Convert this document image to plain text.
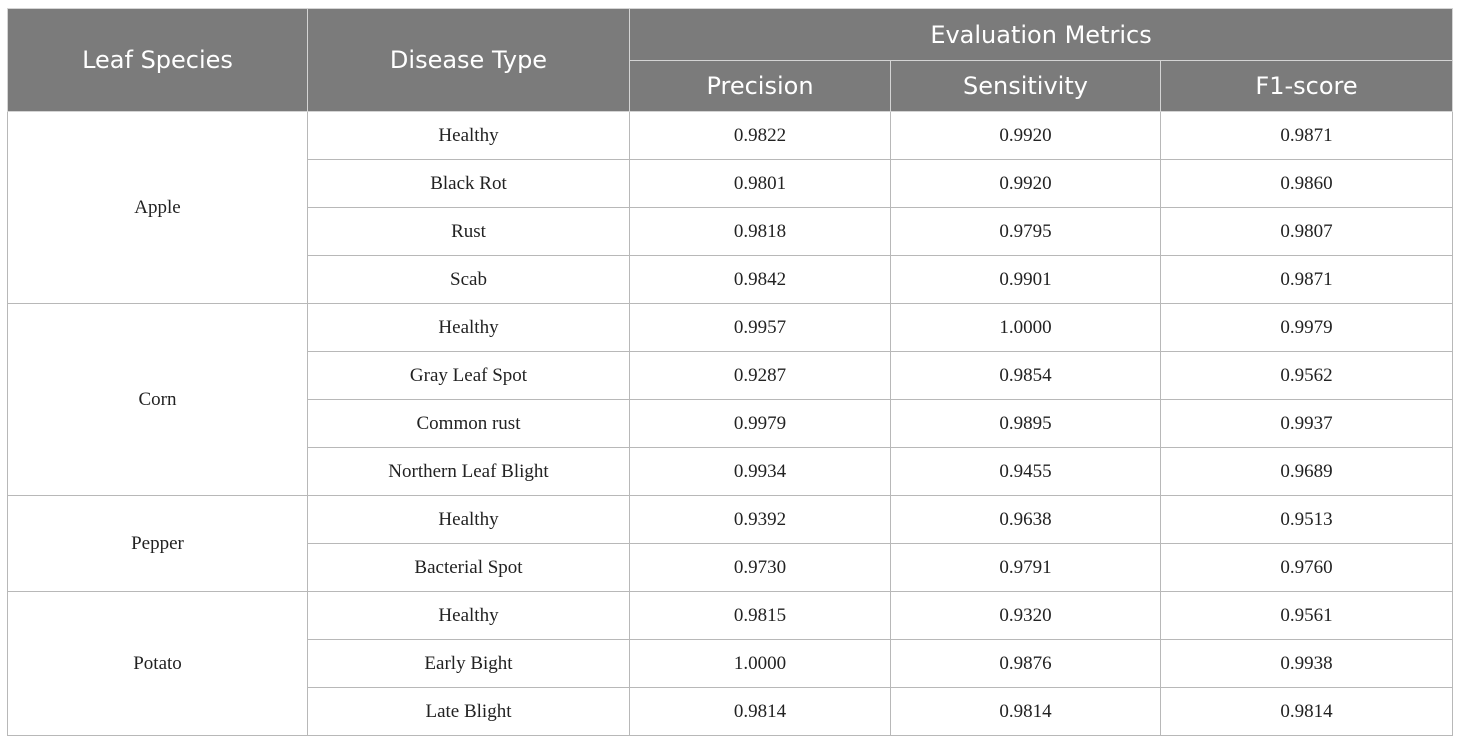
Leaf Species	Disease Type	Evaluation Metrics		
		Precision	Sensitivity	F1-score
Apple	Healthy	0.9822	0.9920	0.9871
	Black Rot	0.9801	0.9920	0.9860
	Rust	0.9818	0.9795	0.9807
	Scab	0.9842	0.9901	0.9871
Corn	Healthy	0.9957	1.0000	0.9979
	Gray Leaf Spot	0.9287	0.9854	0.9562
	Common rust	0.9979	0.9895	0.9937
	Northern Leaf Blight	0.9934	0.9455	0.9689
Pepper	Healthy	0.9392	0.9638	0.9513
	Bacterial Spot	0.9730	0.9791	0.9760
Potato	Healthy	0.9815	0.9320	0.9561
	Early Bight	1.0000	0.9876	0.9938
	Late Blight	0.9814	0.9814	0.9814
